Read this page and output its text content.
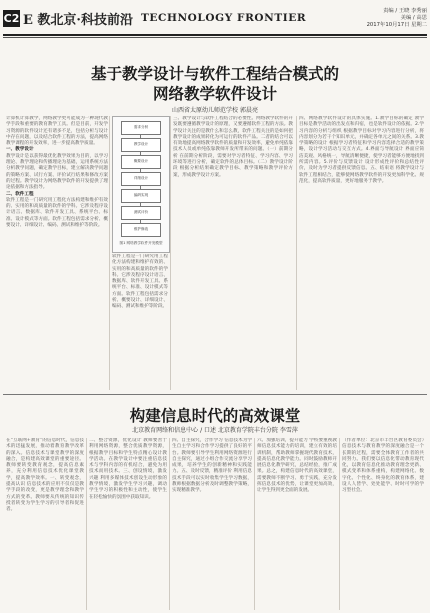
C2 E 教北京·科技前沿 TECHNOLOGY FRONTIER
责编 / 王晓 李秀丽
美编 / 高思
2017年10月17日 星期二
基于教学设计与软件工程结合模式的
网络教学软件设计
山西省太原幼儿师范学校 郭晨亮
计算机计算教学，网络教学更可能成为一种现代教学手段和重要的教育教学工具。但是目前，开发学习资源的软件设计还有诸多不足，包括分析与设计中存在问题，以及结合软件工程的方法，提高网络教学课程的开发效率，进一步提高教学质量。
一、教学设计
教学设计是以获得最优化教学效果为目的，以学习理论、教学理论和传播理论为基础，运用系统方法分析教学问题，确定教学目标，建立解决教学问题的策略方案、试行方案、评价试行结果和修改方案的过程。教学设计为网络教学软件的开发提供了理论依据和方法指导。
二、软件工程
软件工程是一门研究用工程化方法构建和维护有效的、实用的和高质量的软件的学科。它涉及程序设计语言、数据库、软件开发工具、系统平台、标准、设计模式等方面。软件工程包括需求分析、概要设计、详细设计、编码、测试和维护等阶段。
需求分析
教学设计
概要设计
详细设计
编码实现
测试评价
维护修改
图1 网络教学软件开发模型
软件工程是一门研究用工程化方法构建和维护有效的、实用的和高质量的软件的学科。它涉及程序设计语言、数据库、软件开发工具、系统平台、标准、设计模式等方面。软件工程包括需求分析、概要设计、详细设计、编码、测试和维护等阶段。
三、教学设计与软件工程结合的必要性。网络教学软件的开发既要遵循教学设计的原理，又要遵循软件工程的方法。教学设计关注的是教什么和怎么教，软件工程关注的是如何把教学设计的成果转化为可运行的软件产品。二者的结合可以有效地提高网络教学软件的质量和开发效率，避免单纯依靠技术人员或单纯依靠教师开发所带来的问题。（一）前期分析 在前期分析阶段，需要对学习者特征、学习内容、学习环境等进行分析，确定软件的总体目标。（二）教学设计阶段 根据分析结果确定教学目标、教学策略和教学评价方案，形成教学设计方案。
四、网络教学软件设计的具体实施。1.教学目标的确定 教学目标是教学活动的出发点和归宿，也是软件设计的依据。2.学习内容的分析与组织 根据教学目标对学习内容进行分析，将内容划分为若干个知识单元，并确定各单元之间的关系。3.教学策略的设计 根据学习者特征和学习内容选择合适的教学策略，设计学习活动与交互方式。4.界面与导航设计 界面应简洁美观、风格统一，导航清晰便捷，使学习者能够方便地找到所需内容。5.评价与反馈设计 设计形成性评价和总结性评价，及时为学习者提供反馈信息。五、结束语 将教学设计与软件工程相结合，能够使网络教学软件的开发更加科学化、规范化，提高软件质量，更好地服务于教学。
构建信息时代的高效课堂
北京教育网络和信息中心 / 口述 北京教育学院丰台分院 李雪萍
在“互联网+教育”的信息时代，信息技术的迅猛发展，推动着教育教学改革的深入。信息技术与课堂教学的深度融合，是构建高效课堂的重要途径。教师要转变教育观念，提高信息素养，充分利用信息技术优化课堂教学，提高教学效率。一、转变观念，提高认识 信息技术的应用不仅仅是教学手段的改变，更是教学理念和教学方式的变革。教师要从传统的知识传授者转变为学生学习的引导者和促进者。
二、整合资源，优化设计 教师要善于利用网络资源，整合优质教学资源，根据教学目标和学生特点精心设计教学活动。在教学设计中要注重信息技术与学科内容的有机结合，避免为用技术而用技术。三、创设情境，激发兴趣 利用多媒体技术创设生动形象的教学情境，激发学生学习兴趣，调动学生学习的积极性和主动性，使学生在轻松愉快的氛围中获取知识。
四、自主探究，合作学习 信息技术为学生自主学习和合作学习提供了良好的平台。教师要引导学生利用网络资源进行自主探究，通过小组合作交流分享学习成果，培养学生的创新精神和实践能力。五、及时反馈，精准评价 利用信息技术手段可以实时收集学生学习数据，教师根据数据分析及时调整教学策略，实现精准教学。
六、加强培训，提升能力 学校要重视教师信息技术能力的培训，建立有效的培训机制，帮助教师掌握现代教育技术，提高信息化教学能力。同时鼓励教师开展信息化教学研究，总结经验，推广成果。总之，构建信息时代的高效课堂，需要教师不断学习、勇于实践，充分发挥信息技术的优势，让课堂更加高效，让学生得到更全面的发展。
（作者单位：北京市丰台区教育委员会）信息技术与教育教学的深度融合是一个长期的过程，需要全体教育工作者的共同努力。我们要以信息化带动教育现代化，以教育信息化推动教育理念更新、模式变革和体系重构，构建网络化、数字化、个性化、终身化的教育体系，建设人人皆学、处处能学、时时可学的学习型社会。
